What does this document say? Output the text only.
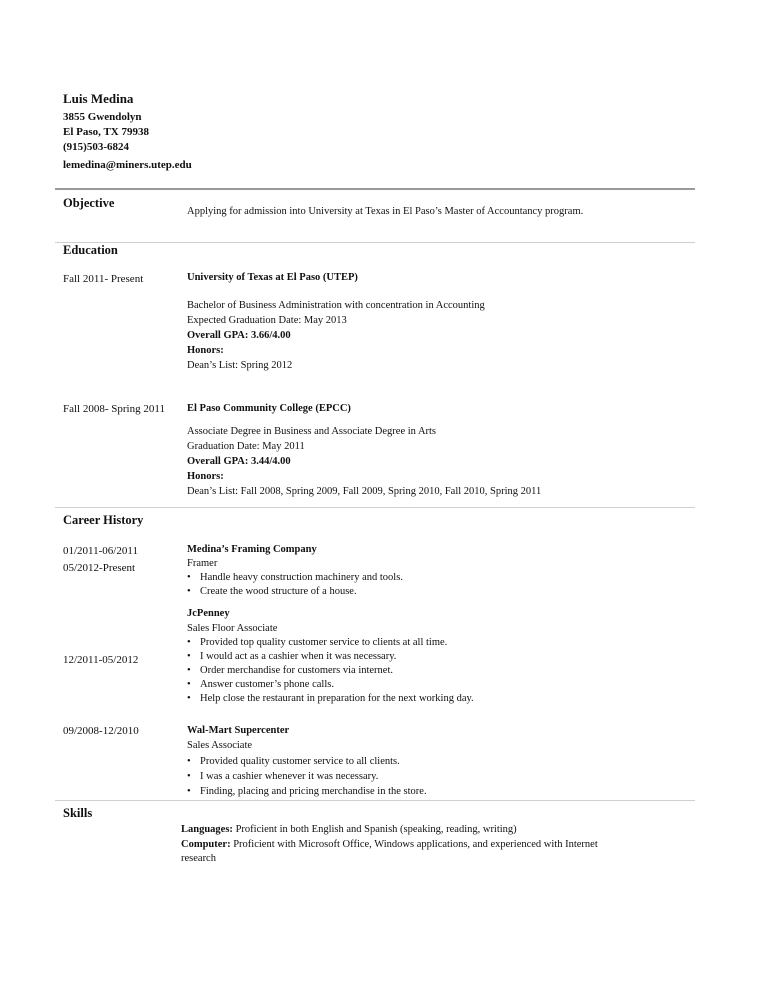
Luis Medina
3855 Gwendolyn
El Paso, TX 79938
(915)503-6824
lemedina@miners.utep.edu
Objective
Applying for admission into University at Texas in El Paso’s Master of Accountancy program.
Education
Fall 2011- Present	University of Texas at El Paso (UTEP)
Bachelor of Business Administration with concentration in Accounting
Expected Graduation Date: May 2013
Overall GPA: 3.66/4.00
Honors:
Dean’s List: Spring 2012
Fall 2008- Spring 2011 El Paso Community College (EPCC)
Associate Degree in Business and Associate Degree in Arts
Graduation Date: May 2011
Overall GPA: 3.44/4.00
Honors:
Dean’s List: Fall 2008, Spring 2009, Fall 2009, Spring 2010, Fall 2010, Spring 2011
Career History
01/2011-06/2011
05/2012-Present
Medina’s Framing Company
Framer
• Handle heavy construction machinery and tools.
• Create the wood structure of a house.
JcPenney
Sales Floor Associate
12/2011-05/2012
• Provided top quality customer service to clients at all time.
• I would act as a cashier when it was necessary.
• Order merchandise for customers via internet.
• Answer customer’s phone calls.
• Help close the restaurant in preparation for the next working day.
09/2008-12/2010	Wal-Mart Supercenter
Sales Associate
• Provided quality customer service to all clients.
• I was a cashier whenever it was necessary.
• Finding, placing and pricing merchandise in the store.
Skills
Languages: Proficient in both English and Spanish (speaking, reading, writing)
Computer: Proficient with Microsoft Office, Windows applications, and experienced with Internet
research
